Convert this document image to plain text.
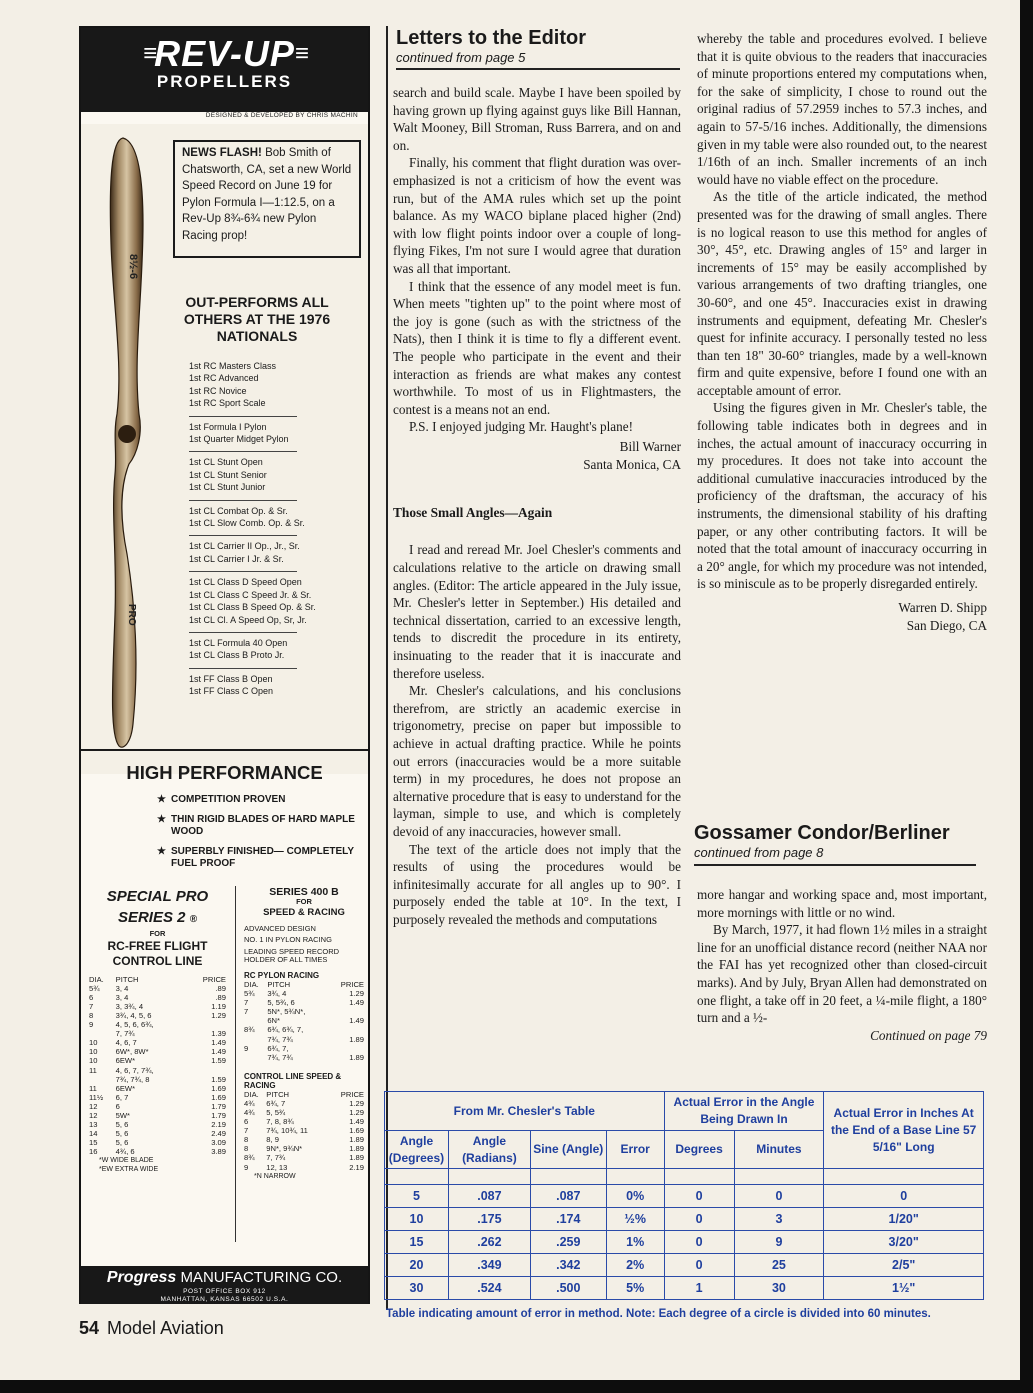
≡REV-UP≡
PROPELLERS
DESIGNED & DEVELOPED BY CHRIS MACHIN
8½-6
PRO
NEWS FLASH! Bob Smith of Chatsworth, CA, set a new World Speed Record on June 19 for Pylon Formula I—1:12.5, on a Rev-Up 8¾-6¾ new Pylon Racing prop!
OUT-PERFORMS ALL OTHERS AT THE 1976 NATIONALS
1st RC Masters Class
1st RC Advanced
1st RC Novice
1st RC Sport Scale
1st Formula I Pylon
1st Quarter Midget Pylon
1st CL Stunt Open
1st CL Stunt Senior
1st CL Stunt Junior
1st CL Combat Op. & Sr.
1st CL Slow Comb. Op. & Sr.
1st CL Carrier II Op., Jr., Sr.
1st CL Carrier I Jr. & Sr.
1st CL Class D Speed Open
1st CL Class C Speed Jr. & Sr.
1st CL Class B Speed Op. & Sr.
1st CL Cl. A Speed Op, Sr, Jr.
1st CL Formula 40 Open
1st CL Class B Proto Jr.
1st FF Class B Open
1st FF Class C Open
HIGH PERFORMANCE
★ COMPETITION PROVEN
★ THIN RIGID BLADES OF HARD MAPLE WOOD
★ SUPERBLY FINISHED— COMPLETELY FUEL PROOF
SPECIAL PRO
SERIES 2 ®
FOR
RC-FREE FLIGHT CONTROL LINE
DIA.	PITCH	PRICE
5¾	3, 4	.89
6	3, 4	.89
7	3, 3¾, 4	1.19
8	3¾, 4, 5, 6	1.29
9	4, 5, 6, 6¾,	
	7, 7¾	1.39
10	4, 6, 7	1.49
10	6W*, 8W*	1.49
10	6EW*	1.59
11	4, 6, 7, 7¾,	
	7¾, 7¾, 8	1.59
11	6EW*	1.69
11½	6, 7	1.69
12	6	1.79
12	5W*	1.79
13	5, 6	2.19
14	5, 6	2.49
15	5, 6	3.09
16	4¾, 6	3.89
*W WIDE BLADE
*EW EXTRA WIDE
SERIES 400 B
FOR
SPEED & RACING
ADVANCED DESIGN
NO. 1 IN PYLON RACING
LEADING SPEED RECORD HOLDER OF ALL TIMES
RC PYLON RACING
DIA.	PITCH	PRICE
5¾	3¾, 4	1.29
7	5, 5¾, 6	1.49
7	5N*, 5¾N*,	
	6N*	1.49
8¾	6¾, 6¾, 7,	
	7¾, 7¾	1.89
9	6¾, 7,	
	7¾, 7¾	1.89
CONTROL LINE SPEED & RACING
DIA.	PITCH	PRICE
4¾	6¾, 7	1.29
4¾	5, 5¾	1.29
6	7, 8, 8¾	1.49
7	7¾, 10¾, 11	1.69
8	8, 9	1.89
8	9N*, 9¾N*	1.89
8¾	7, 7¾	1.89
9	12, 13	2.19
*N NARROW
Progress MANUFACTURING CO.
POST OFFICE BOX 912
MANHATTAN, KANSAS 66502 U.S.A.
54 Model Aviation
Letters to the Editor
continued from page 5

search and build scale. Maybe I have been spoiled by having grown up flying against guys like Bill Hannan, Walt Mooney, Bill Stroman, Russ Barrera, and on and on.

Finally, his comment that flight duration was over-emphasized is not a criticism of how the event was run, but of the AMA rules which set up the point balance. As my WACO biplane placed higher (2nd) with low flight points indoor over a couple of long-flying Fikes, I'm not sure I would agree that duration was all that important.

I think that the essence of any model meet is fun. When meets "tighten up" to the point where most of the joy is gone (such as with the strictness of the Nats), then I think it is time to fly a different event. The people who participate in the event and their interaction as friends are what makes any contest worthwhile. To most of us in Flightmasters, the contest is a means not an end.

P.S. I enjoyed judging Mr. Haught's plane!

Bill Warner
Santa Monica, CA
Those Small Angles—Again

I read and reread Mr. Joel Chesler's comments and calculations relative to the article on drawing small angles. (Editor: The article appeared in the July issue, Mr. Chesler's letter in September.) His detailed and technical dissertation, carried to an excessive length, tends to discredit the procedure in its entirety, insinuating to the reader that it is inaccurate and therefore useless.

Mr. Chesler's calculations, and his conclusions therefrom, are strictly an academic exercise in trigonometry, precise on paper but impossible to achieve in actual drafting practice. While he points out errors (inaccuracies would be a more suitable term) in my procedures, he does not propose an alternative procedure that is easy to understand for the layman, simple to use, and which is completely devoid of any inaccuracies, however small.

The text of the article does not imply that the results of using the procedures would be infinitesimally accurate for all angles up to 90°. I purposely ended the table at 10°. In the text, I purposely revealed the methods and computations

whereby the table and procedures evolved. I believe that it is quite obvious to the readers that inaccuracies of minute proportions entered my computations when, for the sake of simplicity, I chose to round out the original radius of 57.2959 inches to 57.3 inches, and again to 57-5/16 inches. Additionally, the dimensions given in my table were also rounded out, to the nearest 1/16th of an inch. Smaller increments of an inch would have no viable effect on the procedure.

As the title of the article indicated, the method presented was for the drawing of small angles. There is no logical reason to use this method for angles of 30°, 45°, etc. Drawing angles of 15° and larger in increments of 15° may be easily accomplished by various arrangements of two drafting triangles, one 30-60°, and one 45°. Inaccuracies exist in drawing instruments and equipment, defeating Mr. Chesler's quest for infinite accuracy. I personally tested no less than ten 18" 30-60° triangles, made by a well-known firm and quite expensive, before I found one with an acceptable amount of error.

Using the figures given in Mr. Chesler's table, the following table indicates both in degrees and in inches, the actual amount of inaccuracy occurring in my procedures. It does not take into account the additional cumulative inaccuracies introduced by the proficiency of the draftsman, the accuracy of his instruments, the dimensional stability of his drafting paper, or any other contributing factors. It will be noted that the total amount of inaccuracy occurring in a 20° angle, for which my procedure was not intended, is so miniscule as to be properly disregarded entirely.

Warren D. Shipp
San Diego, CA
Gossamer Condor/Berliner
continued from page 8

more hangar and working space and, most important, more mornings with little or no wind.

By March, 1977, it had flown 1½ miles in a straight line for an unofficial distance record (neither NAA nor the FAI has yet recognized other than closed-circuit marks). And by July, Bryan Allen had demonstrated on one flight, a take off in 20 feet, a ¼-mile flight, a 180° turn and a ½-

Continued on page 79
From Mr. Chesler's Table				Actual Error in the Angle Being Drawn In		Actual Error in Inches At the End of a Base Line 57 5/16" Long
Angle (Degrees)	Angle (Radians)	Sine (Angle)	Error	Degrees	Minutes	

5	.087	.087	0%	0	0	0
10	.175	.174	½%	0	3	1/20"
15	.262	.259	1%	0	9	3/20"
20	.349	.342	2%	0	25	2/5"
30	.524	.500	5%	1	30	1½"
Table indicating amount of error in method. Note: Each degree of a circle is divided into 60 minutes.
